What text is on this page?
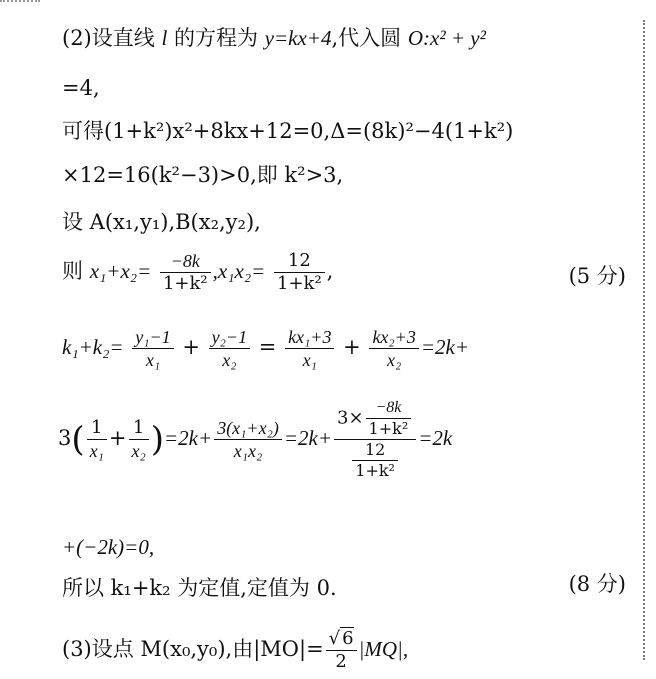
(2)设直线 l 的方程为 y=kx+4,代入圆 O:x² + y²
=4,
可得(1+k²)x²+8kx+12=0,Δ=(8k)²−4(1+k²)
×12=16(k²−3)>0,即 k²>3,
设 A(x₁,y₁),B(x₂,y₂),
则 $x_1+x_2= \frac{-8k}{\text{1+k²}} ,x_1x_2= \frac{12}{\text{1+k²}}$ ,	(5 分)
$k_1+k_2= \frac{\text{y₁−1}}{\text{x₁}} + \frac{\text{y₂−1}}{\text{x₂}} = \frac{\text{kx₁+3}}{\text{x₁}} + \frac{\text{kx₂+3}}{\text{x₂}} =2k+$
$3( \frac{1}{\text{x₁}} + \frac{1}{\text{x₂}} )=2k+ \frac{\text{3(x₁+x₂)}}{\text{x₁x₂}} =2k+ \frac{3\times \frac{-8k}{\text{1+k²}}}{\frac{12}{\text{1+k²}}} =2k$
+(−2k)=0,
所以 k₁+k₂ 为定值,定值为 0.	(8 分)
(3)设点 M(x₀,y₀),由$|MO|= \frac{√ 6}{2} |MQ|$,
